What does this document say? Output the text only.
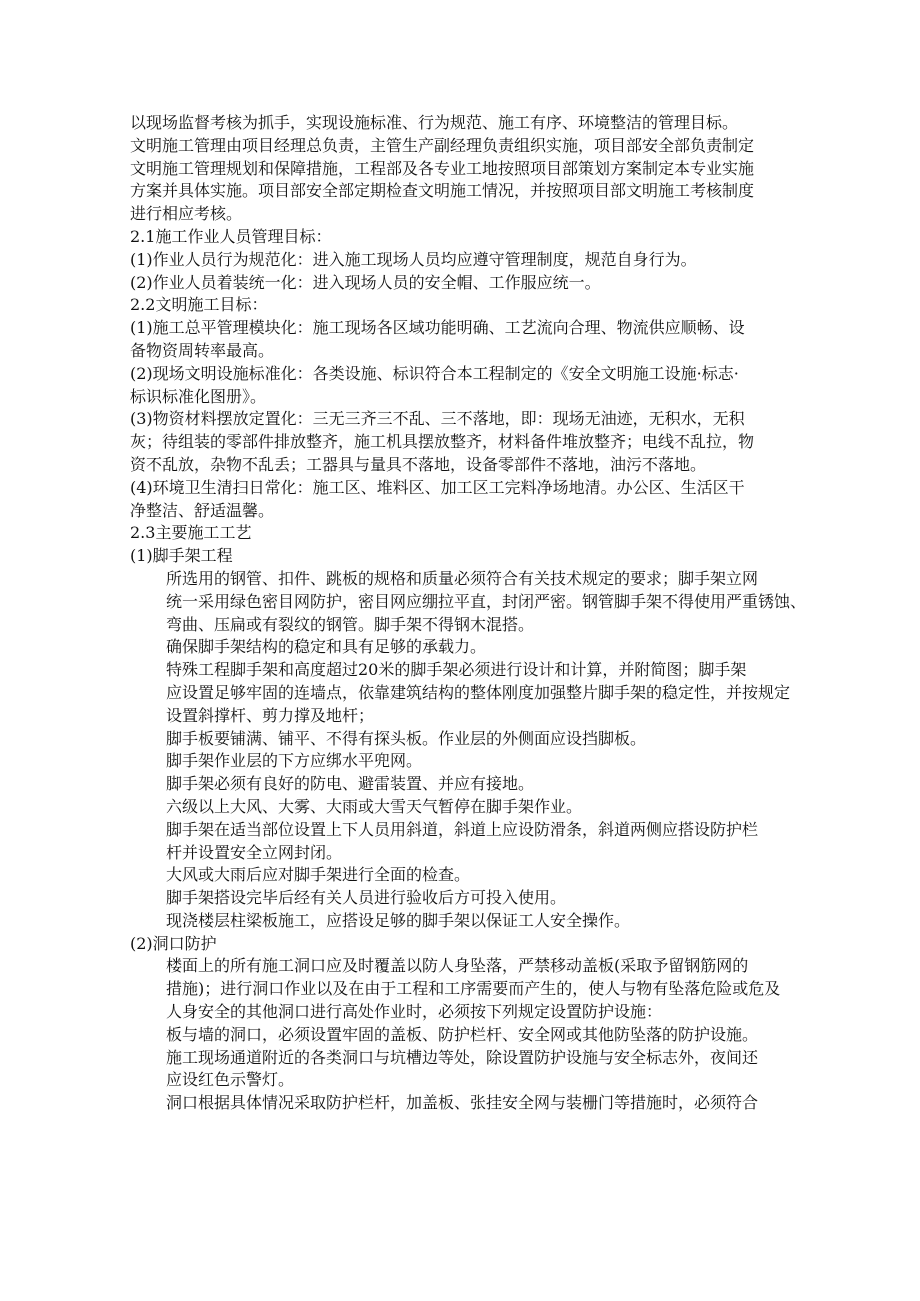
以现场监督考核为抓手，实现设施标准、行为规范、施工有序、环境整洁的管理目标。
文明施工管理由项目经理总负责，主管生产副经理负责组织实施，项目部安全部负责制定
文明施工管理规划和保障措施，工程部及各专业工地按照项目部策划方案制定本专业实施
方案并具体实施。项目部安全部定期检查文明施工情况，并按照项目部文明施工考核制度
进行相应考核。
2.1施工作业人员管理目标：
(1)作业人员行为规范化：进入施工现场人员均应遵守管理制度，规范自身行为。
(2)作业人员着装统一化：进入现场人员的安全帽、工作服应统一。
2.2文明施工目标：
(1)施工总平管理模块化：施工现场各区域功能明确、工艺流向合理、物流供应顺畅、设
备物资周转率最高。
(2)现场文明设施标准化：各类设施、标识符合本工程制定的《安全文明施工设施·标志·
标识标准化图册》。
(3)物资材料摆放定置化：三无三齐三不乱、三不落地，即：现场无油迹，无积水，无积
灰；待组装的零部件排放整齐，施工机具摆放整齐，材料备件堆放整齐；电线不乱拉，物
资不乱放，杂物不乱丢；工器具与量具不落地，设备零部件不落地，油污不落地。
(4)环境卫生清扫日常化：施工区、堆料区、加工区工完料净场地清。办公区、生活区干
净整洁、舒适温馨。
2.3主要施工工艺
(1)脚手架工程
所选用的钢管、扣件、跳板的规格和质量必须符合有关技术规定的要求；脚手架立网
统一采用绿色密目网防护，密目网应绷拉平直，封闭严密。钢管脚手架不得使用严重锈蚀、
弯曲、压扁或有裂纹的钢管。脚手架不得钢木混搭。
确保脚手架结构的稳定和具有足够的承载力。
特殊工程脚手架和高度超过20米的脚手架必须进行设计和计算，并附简图；脚手架
应设置足够牢固的连墙点，依靠建筑结构的整体刚度加强整片脚手架的稳定性，并按规定
设置斜撑杆、剪力撑及地杆；
脚手板要铺满、铺平、不得有探头板。作业层的外侧面应设挡脚板。
脚手架作业层的下方应绑水平兜网。
脚手架必须有良好的防电、避雷装置、并应有接地。
六级以上大风、大雾、大雨或大雪天气暂停在脚手架作业。
脚手架在适当部位设置上下人员用斜道，斜道上应设防滑条，斜道两侧应搭设防护栏
杆并设置安全立网封闭。
大风或大雨后应对脚手架进行全面的检查。
脚手架搭设完毕后经有关人员进行验收后方可投入使用。
现浇楼层柱梁板施工，应搭设足够的脚手架以保证工人安全操作。
(2)洞口防护
楼面上的所有施工洞口应及时覆盖以防人身坠落，严禁移动盖板(采取予留钢筋网的
措施)；进行洞口作业以及在由于工程和工序需要而产生的，使人与物有坠落危险或危及
人身安全的其他洞口进行高处作业时，必须按下列规定设置防护设施：
板与墙的洞口，必须设置牢固的盖板、防护栏杆、安全网或其他防坠落的防护设施。
施工现场通道附近的各类洞口与坑槽边等处，除设置防护设施与安全标志外，夜间还
应设红色示警灯。
洞口根据具体情况采取防护栏杆，加盖板、张挂安全网与装栅门等措施时，必须符合
